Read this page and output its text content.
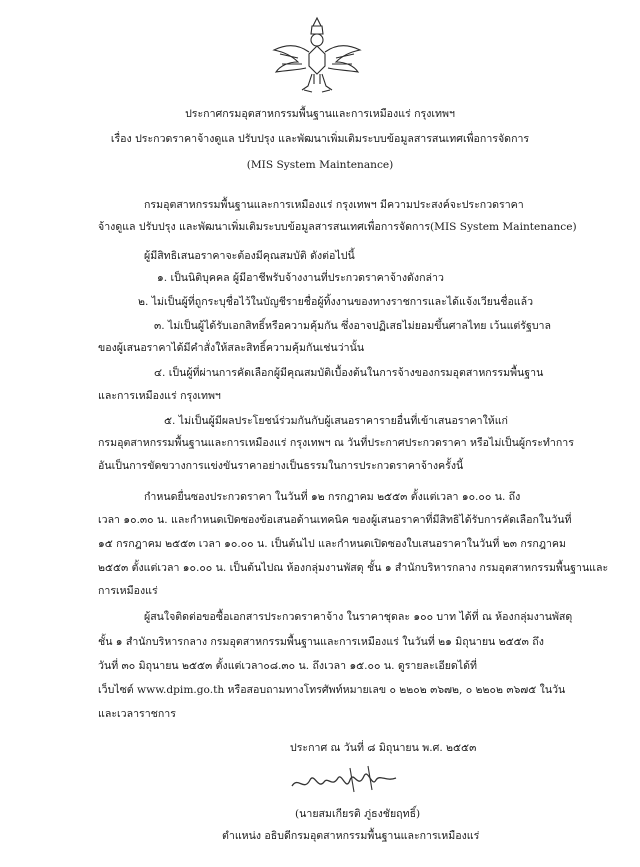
ประกาศกรมอุตสาหกรรมพื้นฐานและการเหมืองแร่ กรุงเทพฯ
เรื่อง ประกวดราคาจ้างดูแล ปรับปรุง และพัฒนาเพิ่มเติมระบบข้อมูลสารสนเทศเพื่อการจัดการ
(MIS System Maintenance)
กรมอุตสาหกรรมพื้นฐานและการเหมืองแร่ กรุงเทพฯ มีความประสงค์จะประกวดราคา
จ้างดูแล ปรับปรุง และพัฒนาเพิ่มเติมระบบข้อมูลสารสนเทศเพื่อการจัดการ(MIS System Maintenance)
ผู้มีสิทธิเสนอราคาจะต้องมีคุณสมบัติ ดังต่อไปนี้
๑. เป็นนิติบุคคล ผู้มีอาชีพรับจ้างงานที่ประกวดราคาจ้างดังกล่าว
๒. ไม่เป็นผู้ที่ถูกระบุชื่อไว้ในบัญชีรายชื่อผู้ทิ้งงานของทางราชการและได้แจ้งเวียนชื่อแล้ว
๓. ไม่เป็นผู้ได้รับเอกสิทธิ์หรือความคุ้มกัน ซึ่งอาจปฏิเสธไม่ยอมขึ้นศาลไทย เว้นแต่รัฐบาล
ของผู้เสนอราคาได้มีคำสั่งให้สละสิทธิ์ความคุ้มกันเช่นว่านั้น
๔. เป็นผู้ที่ผ่านการคัดเลือกผู้มีคุณสมบัติเบื้องต้นในการจ้างของกรมอุตสาหกรรมพื้นฐาน
และการเหมืองแร่ กรุงเทพฯ
๕. ไม่เป็นผู้มีผลประโยชน์ร่วมกันกับผู้เสนอราคารายอื่นที่เข้าเสนอราคาให้แก่
กรมอุตสาหกรรมพื้นฐานและการเหมืองแร่ กรุงเทพฯ ณ วันที่ประกาศประกวดราคา หรือไม่เป็นผู้กระทำการ
อันเป็นการขัดขวางการแข่งขันราคาอย่างเป็นธรรมในการประกวดราคาจ้างครั้งนี้
กำหนดยื่นซองประกวดราคา ในวันที่ ๑๒ กรกฎาคม ๒๕๕๓ ตั้งแต่เวลา ๑๐.๐๐ น. ถึง
เวลา ๑๐.๓๐ น. และกำหนดเปิดซองข้อเสนอด้านเทคนิค ของผู้เสนอราคาที่มีสิทธิได้รับการคัดเลือกในวันที่
๑๕ กรกฎาคม ๒๕๕๓ เวลา ๑๐.๐๐ น. เป็นต้นไป และกำหนดเปิดซองใบเสนอราคาในวันที่ ๒๓ กรกฎาคม
๒๕๕๓ ตั้งแต่เวลา ๑๐.๐๐ น. เป็นต้นไปณ ห้องกลุ่มงานพัสดุ ชั้น ๑ สำนักบริหารกลาง กรมอุตสาหกรรมพื้นฐานและ
การเหมืองแร่
ผู้สนใจติดต่อขอซื้อเอกสารประกวดราคาจ้าง ในราคาชุดละ ๑๐๐ บาท ได้ที่ ณ ห้องกลุ่มงานพัสดุ
ชั้น ๑ สำนักบริหารกลาง กรมอุตสาหกรรมพื้นฐานและการเหมืองแร่ ในวันที่ ๒๑ มิถุนายน ๒๕๕๓ ถึง
วันที่ ๓๐ มิถุนายน ๒๕๕๓ ตั้งแต่เวลา๐๘.๓๐ น. ถึงเวลา ๑๕.๐๐ น. ดูรายละเอียดได้ที่
เว็บไซต์ www.dpim.go.th หรือสอบถามทางโทรศัพท์หมายเลข ๐ ๒๒๐๒ ๓๖๗๒, ๐ ๒๒๐๒ ๓๖๗๕ ในวัน
และเวลาราชการ
ประกาศ ณ วันที่ ๘ มิถุนายน พ.ศ. ๒๕๕๓
(นายสมเกียรติ ภู่ธงชัยฤทธิ์)
ตำแหน่ง อธิบดีกรมอุตสาหกรรมพื้นฐานและการเหมืองแร่
